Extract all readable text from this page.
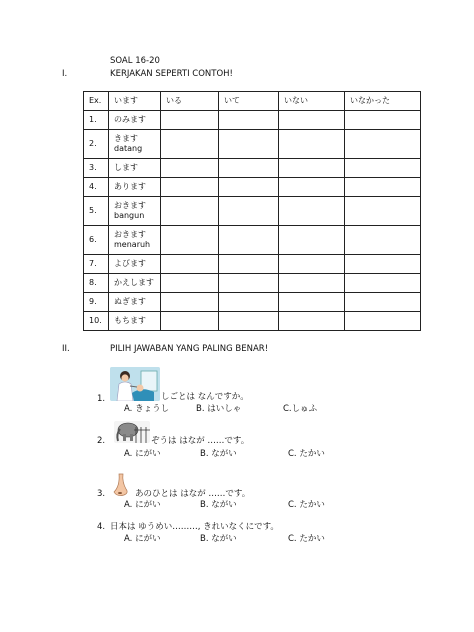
SOAL 16-20
I.	KERJAKAN SEPERTI CONTOH!
Ex.	います	いる	いて	いない	いなかった
1.	のみます				

2.	きます
datang				

3.	します				

4.	あります				

5.	おきます
bangun				

6.	おきます
menaruh				

7.	よびます				

8.	かえします				

9.	ぬぎます				

10.	もちます				

II.	PILIH JAWABAN YANG PALING BENAR!
1.	しごとは なんですか。
A. きょうし	B. はいしゃ	C.しゅふ
2.	ぞうは はなが ……です。
A. にがい	B. ながい	C. たかい
3.	あのひとは はなが ……です。
A. にがい	B. ながい	C. たかい
4. 日本は ゆうめい………, きれいなくにです。
A. にがい	B. ながい	C. たかい
